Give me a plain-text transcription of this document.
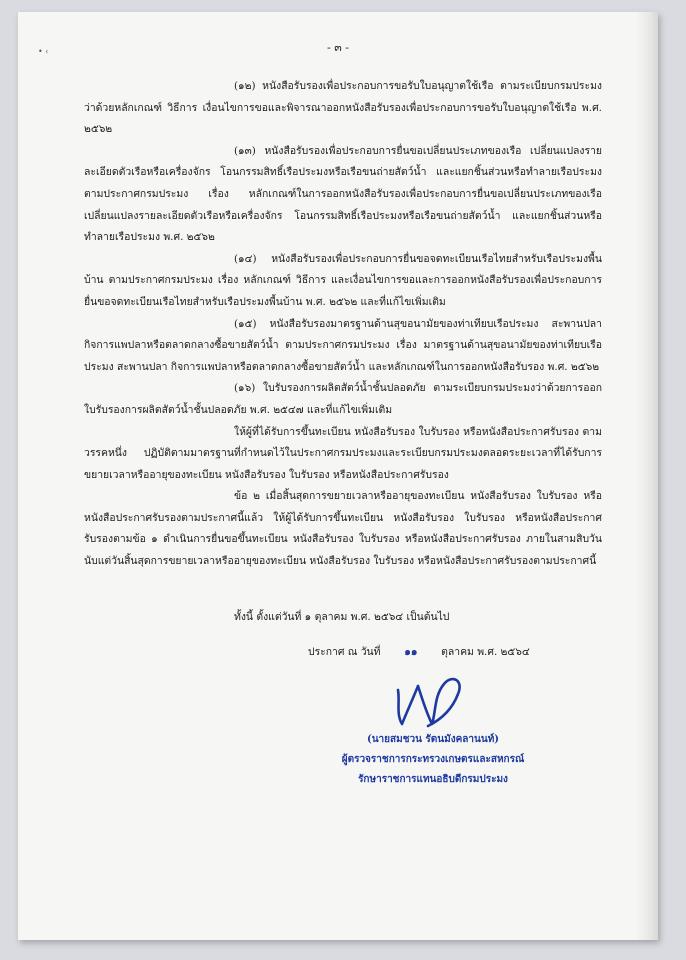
• ‹	- ๓ -

(๑๒) หนังสือรับรองเพื่อประกอบการขอรับใบอนุญาตใช้เรือ ตามระเบียบกรมประมง ว่าด้วยหลักเกณฑ์ วิธีการ เงื่อนไขการขอและพิจารณาออกหนังสือรับรองเพื่อประกอบการขอรับใบอนุญาตใช้เรือ พ.ศ. ๒๕๖๒

(๑๓) หนังสือรับรองเพื่อประกอบการยื่นขอเปลี่ยนประเภทของเรือ เปลี่ยนแปลงรายละเอียดตัวเรือหรือเครื่องจักร โอนกรรมสิทธิ์เรือประมงหรือเรือขนถ่ายสัตว์น้ำ และแยกชิ้นส่วนหรือทำลายเรือประมง ตามประกาศกรมประมง เรื่อง หลักเกณฑ์ในการออกหนังสือรับรองเพื่อประกอบการยื่นขอเปลี่ยนประเภทของเรือ เปลี่ยนแปลงรายละเอียดตัวเรือหรือเครื่องจักร โอนกรรมสิทธิ์เรือประมงหรือเรือขนถ่ายสัตว์น้ำ และแยกชิ้นส่วนหรือทำลายเรือประมง พ.ศ. ๒๕๖๒

(๑๔) หนังสือรับรองเพื่อประกอบการยื่นขอจดทะเบียนเรือไทยสำหรับเรือประมงพื้นบ้าน ตามประกาศกรมประมง เรื่อง หลักเกณฑ์ วิธีการ และเงื่อนไขการขอและการออกหนังสือรับรองเพื่อประกอบการยื่นขอจดทะเบียนเรือไทยสำหรับเรือประมงพื้นบ้าน พ.ศ. ๒๕๖๒ และที่แก้ไขเพิ่มเติม

(๑๕) หนังสือรับรองมาตรฐานด้านสุขอนามัยของท่าเทียบเรือประมง สะพานปลา กิจการแพปลาหรือตลาดกลางซื้อขายสัตว์น้ำ ตามประกาศกรมประมง เรื่อง มาตรฐานด้านสุขอนามัยของท่าเทียบเรือประมง สะพานปลา กิจการแพปลาหรือตลาดกลางซื้อขายสัตว์น้ำ และหลักเกณฑ์ในการออกหนังสือรับรอง พ.ศ. ๒๕๖๒

(๑๖) ใบรับรองการผลิตสัตว์น้ำชั้นปลอดภัย ตามระเบียบกรมประมงว่าด้วยการออกใบรับรองการผลิตสัตว์น้ำชั้นปลอดภัย พ.ศ. ๒๕๔๗ และที่แก้ไขเพิ่มเติม

ให้ผู้ที่ได้รับการขึ้นทะเบียน หนังสือรับรอง ใบรับรอง หรือหนังสือประกาศรับรอง ตามวรรคหนึ่ง ปฏิบัติตามมาตรฐานที่กำหนดไว้ในประกาศกรมประมงและระเบียบกรมประมงตลอดระยะเวลาที่ได้รับการขยายเวลาหรืออายุของทะเบียน หนังสือรับรอง ใบรับรอง หรือหนังสือประกาศรับรอง

ข้อ ๒ เมื่อสิ้นสุดการขยายเวลาหรืออายุของทะเบียน หนังสือรับรอง ใบรับรอง หรือหนังสือประกาศรับรองตามประกาศนี้แล้ว ให้ผู้ได้รับการขึ้นทะเบียน หนังสือรับรอง ใบรับรอง หรือหนังสือประกาศรับรองตามข้อ ๑ ดำเนินการยื่นขอขึ้นทะเบียน หนังสือรับรอง ใบรับรอง หรือหนังสือประกาศรับรอง ภายในสามสิบวันนับแต่วันสิ้นสุดการขยายเวลาหรืออายุของทะเบียน หนังสือรับรอง ใบรับรอง หรือหนังสือประกาศรับรองตามประกาศนี้

ทั้งนี้ ตั้งแต่วันที่ ๑ ตุลาคม พ.ศ. ๒๕๖๔ เป็นต้นไป
ประกาศ ณ วันที่ ๑๑ ตุลาคม พ.ศ. ๒๕๖๔
(นายสมชวน รัตนมังคลานนท์)
ผู้ตรวจราชการกระทรวงเกษตรและสหกรณ์
รักษาราชการแทนอธิบดีกรมประมง
